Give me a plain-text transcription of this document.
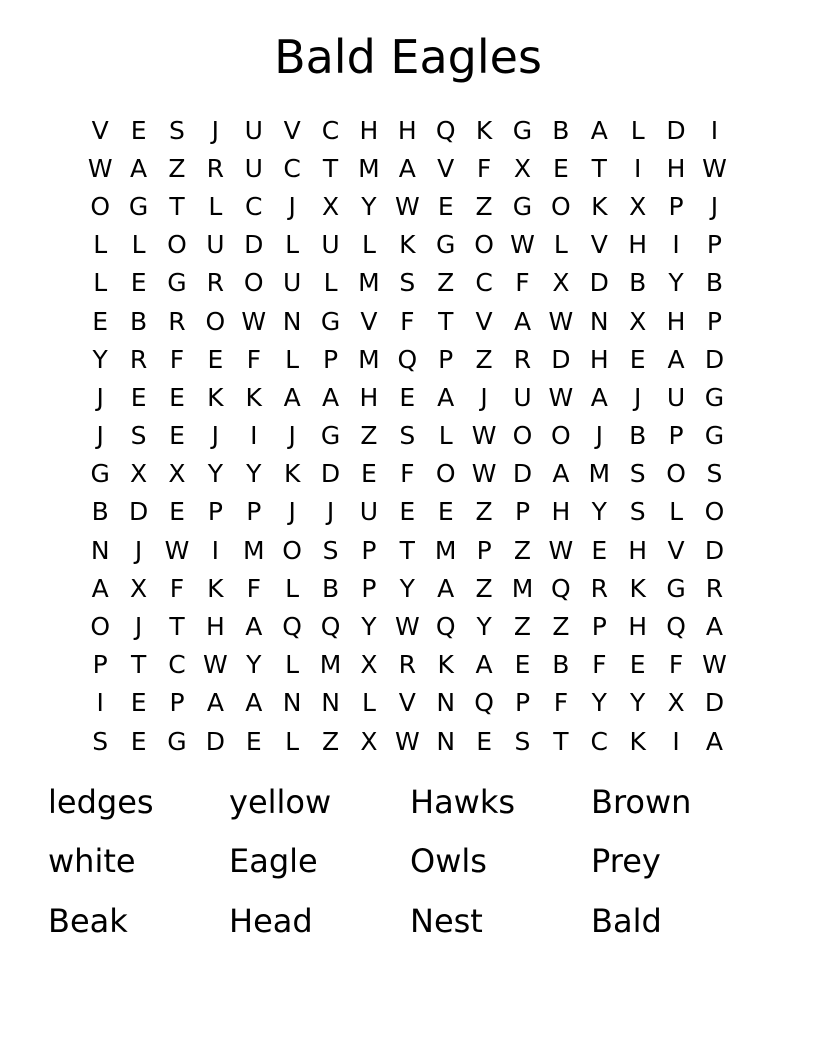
Bald Eagles
V E S	J	U V C H H Q K G B A L D	I
W A Z R U C T M A V F X E T	I	H W
O G T L C	J	X Y W E Z G O K X P	J
L L O U D L U L K G O W L V H	I	P
L E G R O U L M S Z C F X D B Y B
E B R O W N G V F T V A W N X H P
Y R F E F L P M Q P Z R D H E A D
J	E E K K A A H E A	J	U W A	J	U G
J	S E	J	I	J	G Z S L W O O J	B P G
G X X Y Y K D E F O W D A M S O S
B D E P P	J	J	U E E Z P H Y S L O
N	J W I M O S P T M P Z W E H V D
A X F K F L B P Y A Z M Q R K G R
O J	T H A Q Q Y W Q Y Z Z P H Q A
P T C W Y L M X R K A E B F E F W
I	E P A A N N L V N Q P F Y Y X D
S E G D E L Z X W N E S T C K	I	A
ledges	yellow	Hawks	Brown
white	Eagle	Owls	Prey
Beak	Head	Nest	Bald
